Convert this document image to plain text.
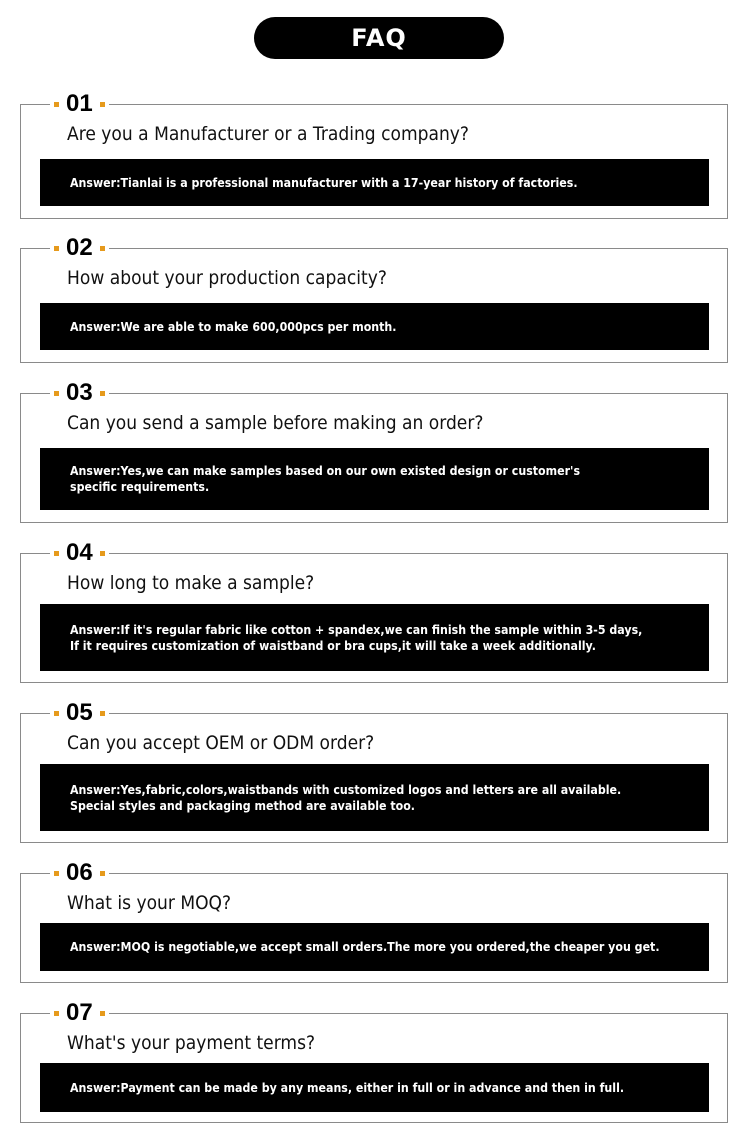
FAQ
01
Are you a Manufacturer or a Trading company?
Answer:Tianlai is a professional manufacturer with a 17-year history of factories.
02
How about your production capacity?
Answer:We are able to make 600,000pcs per month.
03
Can you send a sample before making an order?
Answer:Yes,we can make samples based on our own existed design or customer's
specific requirements.
04
How long to make a sample?
Answer:If it's regular fabric like cotton + spandex,we can finish the sample within 3-5 days,
If it requires customization of waistband or bra cups,it will take a week additionally.
05
Can you accept OEM or ODM order?
Answer:Yes,fabric,colors,waistbands with customized logos and letters are all available.
Special styles and packaging method are available too.
06
What is your MOQ?
Answer:MOQ is negotiable,we accept small orders.The more you ordered,the cheaper you get.
07
What's your payment terms?
Answer:Payment can be made by any means, either in full or in advance and then in full.
